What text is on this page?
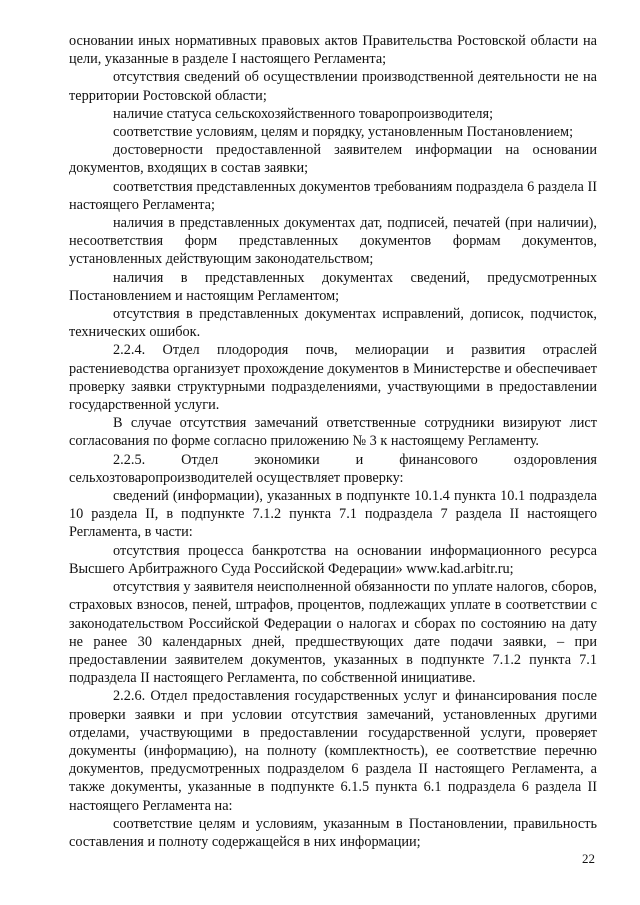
основании иных нормативных правовых актов Правительства Ростовской области на цели, указанные в разделе I настоящего Регламента;

отсутствия сведений об осуществлении производственной деятельности не на территории Ростовской области;

наличие статуса сельскохозяйственного товаропроизводителя;

соответствие условиям, целям и порядку, установленным Постановлением;

достоверности предоставленной заявителем информации на основании документов, входящих в состав заявки;

соответствия представленных документов требованиям подраздела 6 раздела II настоящего Регламента;

наличия в представленных документах дат, подписей, печатей (при наличии), несоответствия форм представленных документов формам документов, установленных действующим законодательством;

наличия в представленных документах сведений, предусмотренных Постановлением и настоящим Регламентом;

отсутствия в представленных документах исправлений, дописок, подчисток, технических ошибок.

2.2.4. Отдел плодородия почв, мелиорации и развития отраслей растениеводства организует прохождение документов в Министерстве и обеспечивает проверку заявки структурными подразделениями, участвующими в предоставлении государственной услуги.

В случае отсутствия замечаний ответственные сотрудники визируют лист согласования по форме согласно приложению № 3 к настоящему Регламенту.

2.2.5. Отдел экономики и финансового оздоровления сельхозтоваропроизводителей осуществляет проверку:

сведений (информации), указанных в подпункте 10.1.4 пункта 10.1 подраздела 10 раздела II, в подпункте 7.1.2 пункта 7.1 подраздела 7 раздела II настоящего Регламента, в части:

отсутствия процесса банкротства на основании информационного ресурса Высшего Арбитражного Суда Российской Федерации» www.kad.arbitr.ru;

отсутствия у заявителя неисполненной обязанности по уплате налогов, сборов, страховых взносов, пеней, штрафов, процентов, подлежащих уплате в соответствии с законодательством Российской Федерации о налогах и сборах по состоянию на дату не ранее 30 календарных дней, предшествующих дате подачи заявки, – при предоставлении заявителем документов, указанных в подпункте 7.1.2 пункта 7.1 подраздела II настоящего Регламента, по собственной инициативе.

2.2.6. Отдел предоставления государственных услуг и финансирования после проверки заявки и при условии отсутствия замечаний, установленных другими отделами, участвующими в предоставлении государственной услуги, проверяет документы (информацию), на полноту (комплектность), ее соответствие перечню документов, предусмотренных подразделом 6 раздела II настоящего Регламента, а также документы, указанные в подпункте 6.1.5 пункта 6.1 подраздела 6 раздела II настоящего Регламента на:

соответствие целям и условиям, указанным в Постановлении, правильность составления и полноту содержащейся в них информации;

22
